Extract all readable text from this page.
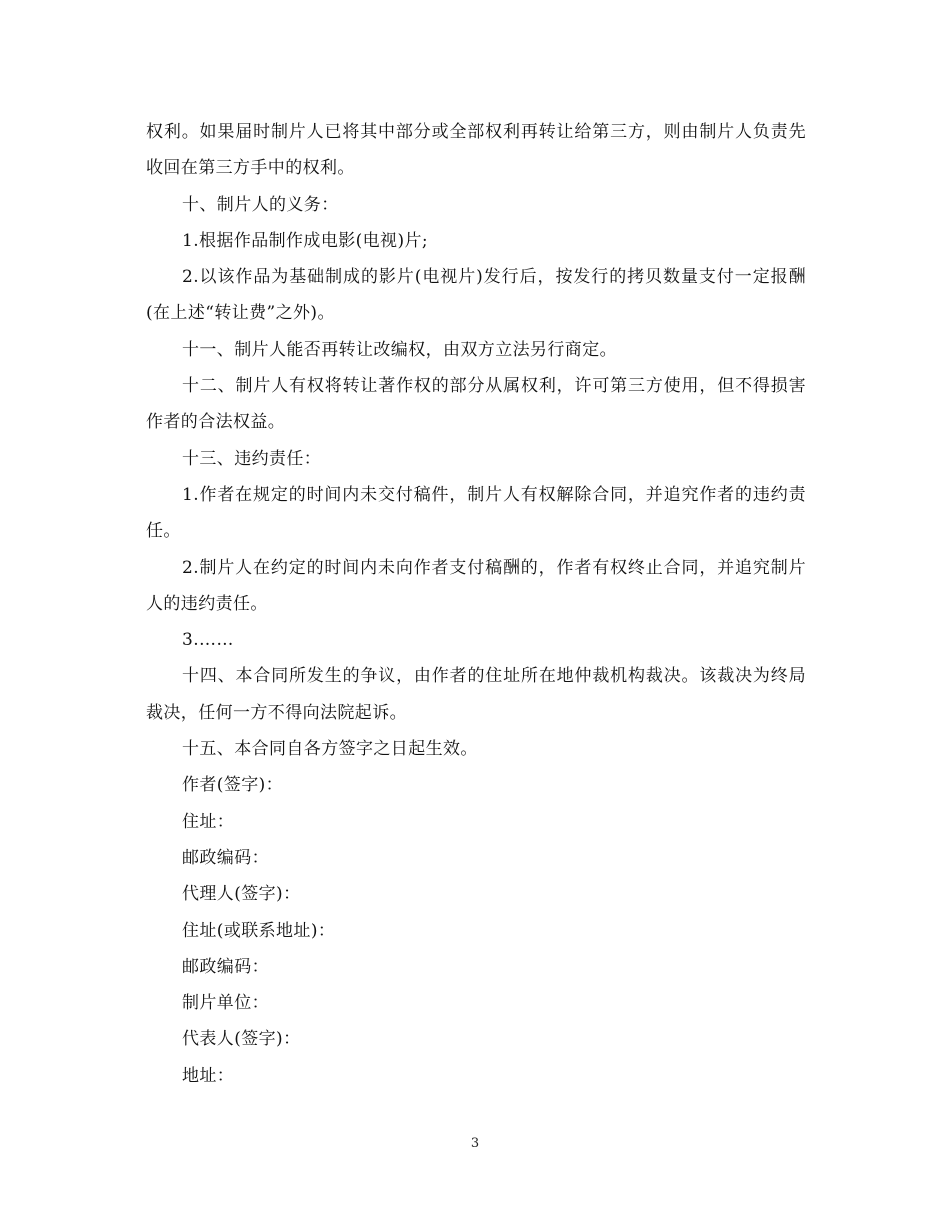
权利。如果届时制片人已将其中部分或全部权利再转让给第三方，则由制片人负责先收回在第三方手中的权利。

十、制片人的义务：

1.根据作品制作成电影(电视)片;

2.以该作品为基础制成的影片(电视片)发行后，按发行的拷贝数量支付一定报酬(在上述“转让费”之外)。

十一、制片人能否再转让改编权，由双方立法另行商定。

十二、制片人有权将转让著作权的部分从属权利，许可第三方使用，但不得损害作者的合法权益。

十三、违约责任：

1.作者在规定的时间内未交付稿件，制片人有权解除合同，并追究作者的违约责任。

2.制片人在约定的时间内未向作者支付稿酬的，作者有权终止合同，并追究制片人的违约责任。

3.……

十四、本合同所发生的争议，由作者的住址所在地仲裁机构裁决。该裁决为终局裁决，任何一方不得向法院起诉。

十五、本合同自各方签字之日起生效。

作者(签字)：

住址：

邮政编码：

代理人(签字)：

住址(或联系地址)：

邮政编码：

制片单位：

代表人(签字)：

地址：

3
